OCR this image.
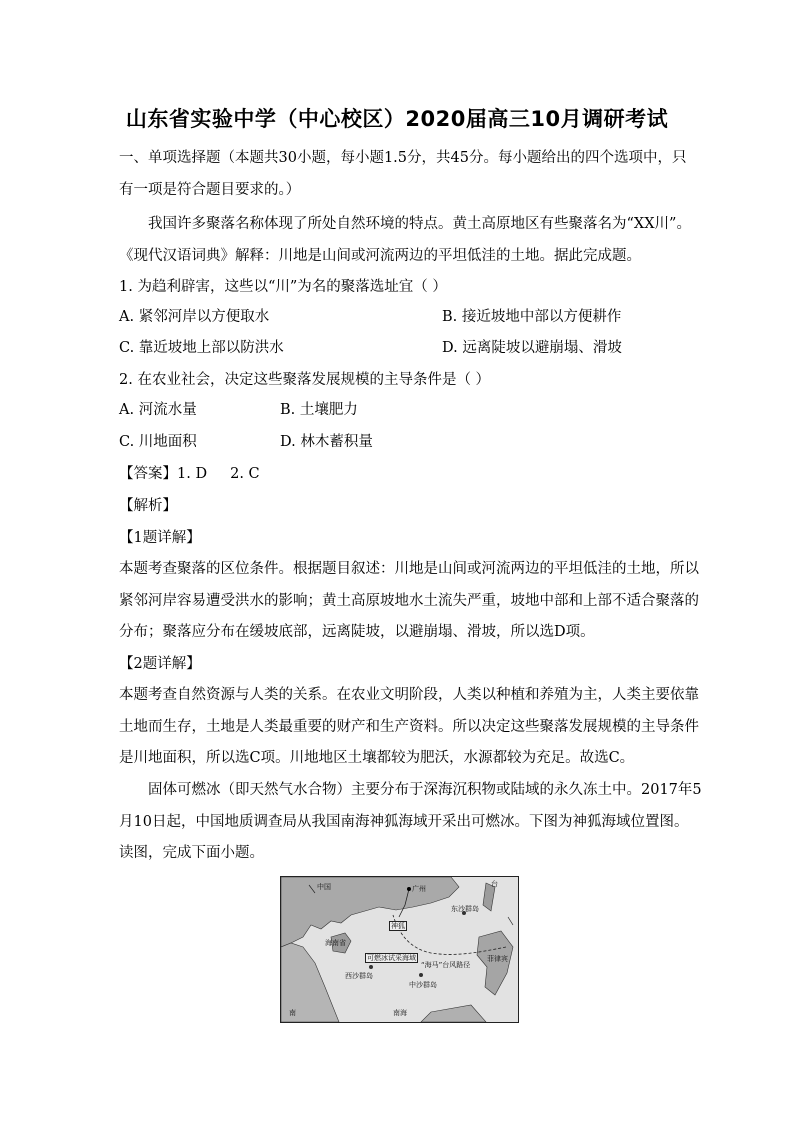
山东省实验中学（中心校区）2020届高三10月调研考试
一、单项选择题（本题共30小题，每小题1.5分，共45分。每小题给出的四个选项中，只
有一项是符合题目要求的。）
我国许多聚落名称体现了所处自然环境的特点。黄土高原地区有些聚落名为“XX川”。
《现代汉语词典》解释：川地是山间或河流两边的平坦低洼的土地。据此完成题。
1. 为趋利辟害，这些以“川”为名的聚落选址宜（ ）
A. 紧邻河岸以方便取水	B. 接近坡地中部以方便耕作
C. 靠近坡地上部以防洪水	D. 远离陡坡以避崩塌、滑坡
2. 在农业社会，决定这些聚落发展规模的主导条件是（ ）
A. 河流水量	B. 土壤肥力
C. 川地面积	D. 林木蓄积量
【答案】1. D     2. C
【解析】
【1题详解】
本题考查聚落的区位条件。根据题目叙述：川地是山间或河流两边的平坦低洼的土地，所以
紧邻河岸容易遭受洪水的影响；黄土高原坡地水土流失严重，坡地中部和上部不适合聚落的
分布；聚落应分布在缓坡底部，远离陡坡，以避崩塌、滑坡，所以选D项。
【2题详解】
本题考查自然资源与人类的关系。在农业文明阶段，人类以种植和养殖为主，人类主要依靠
土地而生存，土地是人类最重要的财产和生产资料。所以决定这些聚落发展规模的主导条件
是川地面积，所以选C项。川地地区土壤都较为肥沃，水源都较为充足。故选C。
固体可燃冰（即天然气水合物）主要分布于深海沉积物或陆域的永久冻土中。2017年5
月10日起，中国地质调查局从我国南海神狐海域开采出可燃冰。下图为神狐海域位置图。
读图，完成下面小题。
中国	广州
台
东沙群岛
海南省
神狐
可燃冰试采海域
西沙群岛
“海马”台风路径
中沙群岛
菲律宾
南海
南
